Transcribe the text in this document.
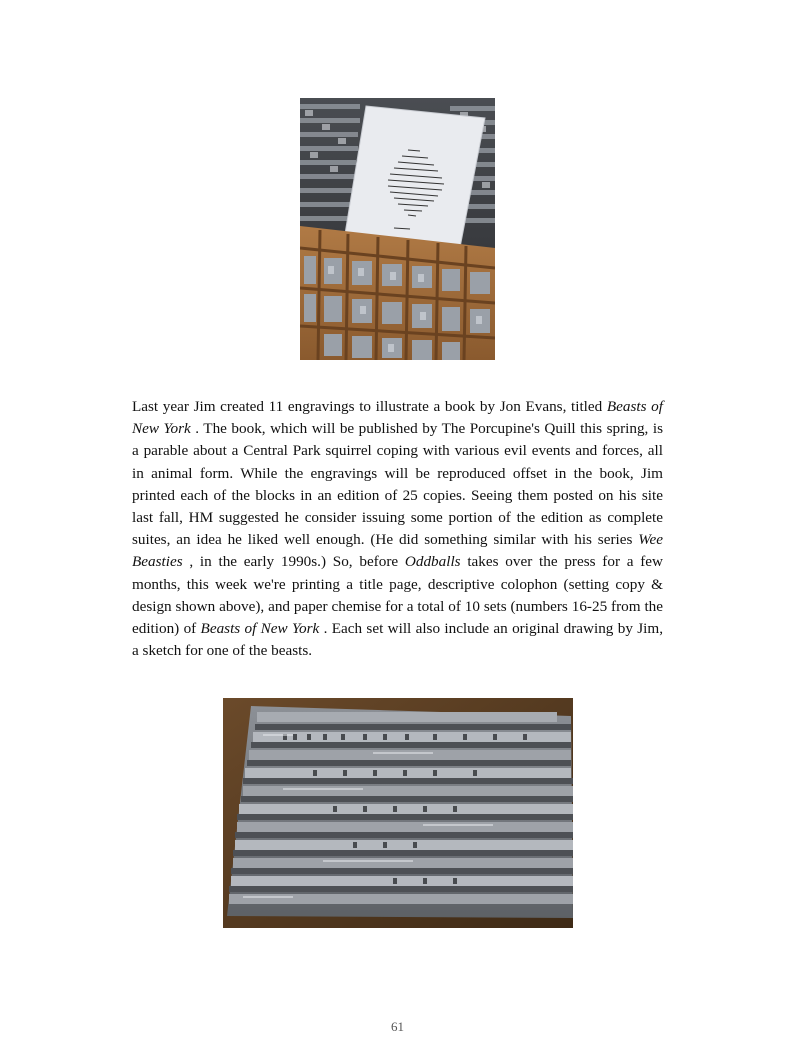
Last year Jim created 11 engravings to illustrate a book by Jon Evans, titled Beasts of New York . The book, which will be published by The Porcupine's Quill this spring, is a parable about a Central Park squirrel coping with various evil events and forces, all in animal form. While the engravings will be reproduced offset in the book, Jim printed each of the blocks in an edition of 25 copies. Seeing them posted on his site last fall, HM suggested he consider issuing some portion of the edition as complete suites, an idea he liked well enough. (He did something similar with his series Wee Beasties , in the early 1990s.) So, before Oddballs takes over the press for a few months, this week we're printing a title page, descriptive colophon (setting copy & design shown above), and paper chemise for a total of 10 sets (numbers 16-25 from the edition) of Beasts of New York . Each set will also include an original drawing by Jim, a sketch for one of the beasts.

61
